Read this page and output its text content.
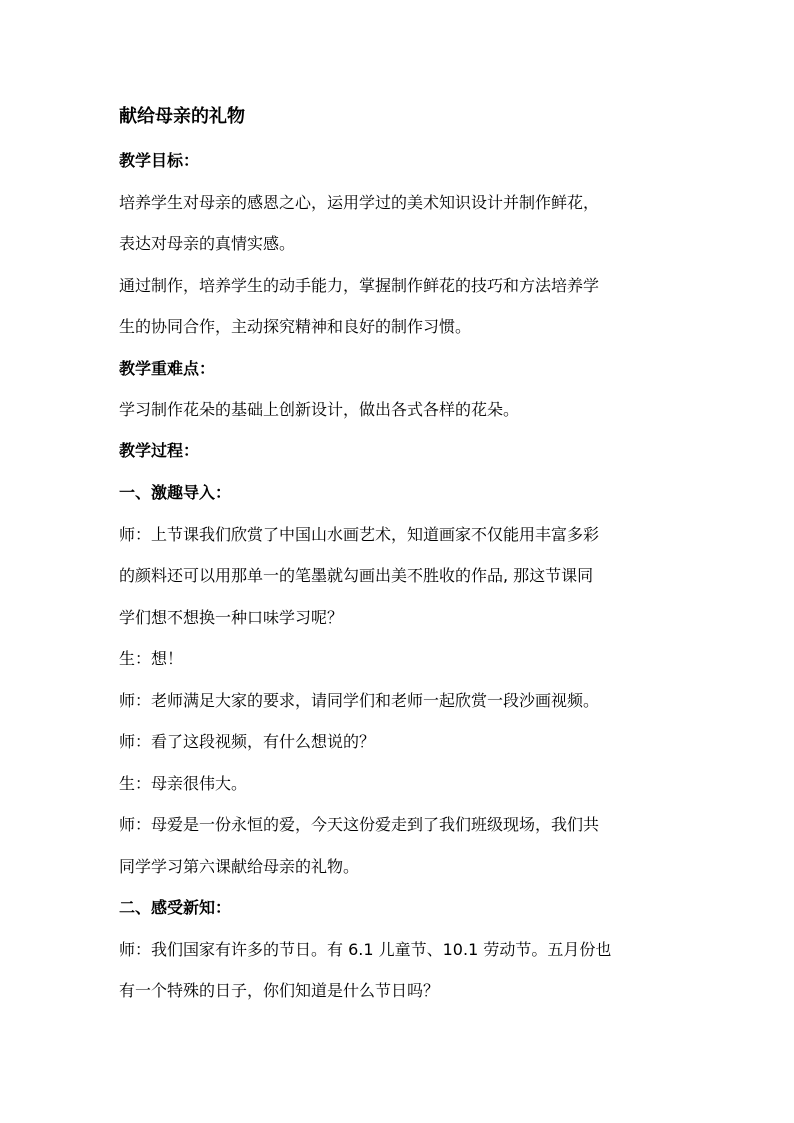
献给母亲的礼物
教学目标：
培养学生对母亲的感恩之心，运用学过的美术知识设计并制作鲜花，
表达对母亲的真情实感。
通过制作，培养学生的动手能力，掌握制作鲜花的技巧和方法培养学
生的协同合作，主动探究精神和良好的制作习惯。
教学重难点：
学习制作花朵的基础上创新设计，做出各式各样的花朵。
教学过程：
一、激趣导入：
师：上节课我们欣赏了中国山水画艺术，知道画家不仅能用丰富多彩
的颜料还可以用那单一的笔墨就勾画出美不胜收的作品, 那这节课同
学们想不想换一种口味学习呢？
生：想！
师：老师满足大家的要求，请同学们和老师一起欣赏一段沙画视频。
师：看了这段视频，有什么想说的？
生：母亲很伟大。
师：母爱是一份永恒的爱，今天这份爱走到了我们班级现场，我们共
同学学习第六课献给母亲的礼物。
二、感受新知：
师：我们国家有许多的节日。有 6.1 儿童节、10.1 劳动节。五月份也
有一个特殊的日子，你们知道是什么节日吗？
